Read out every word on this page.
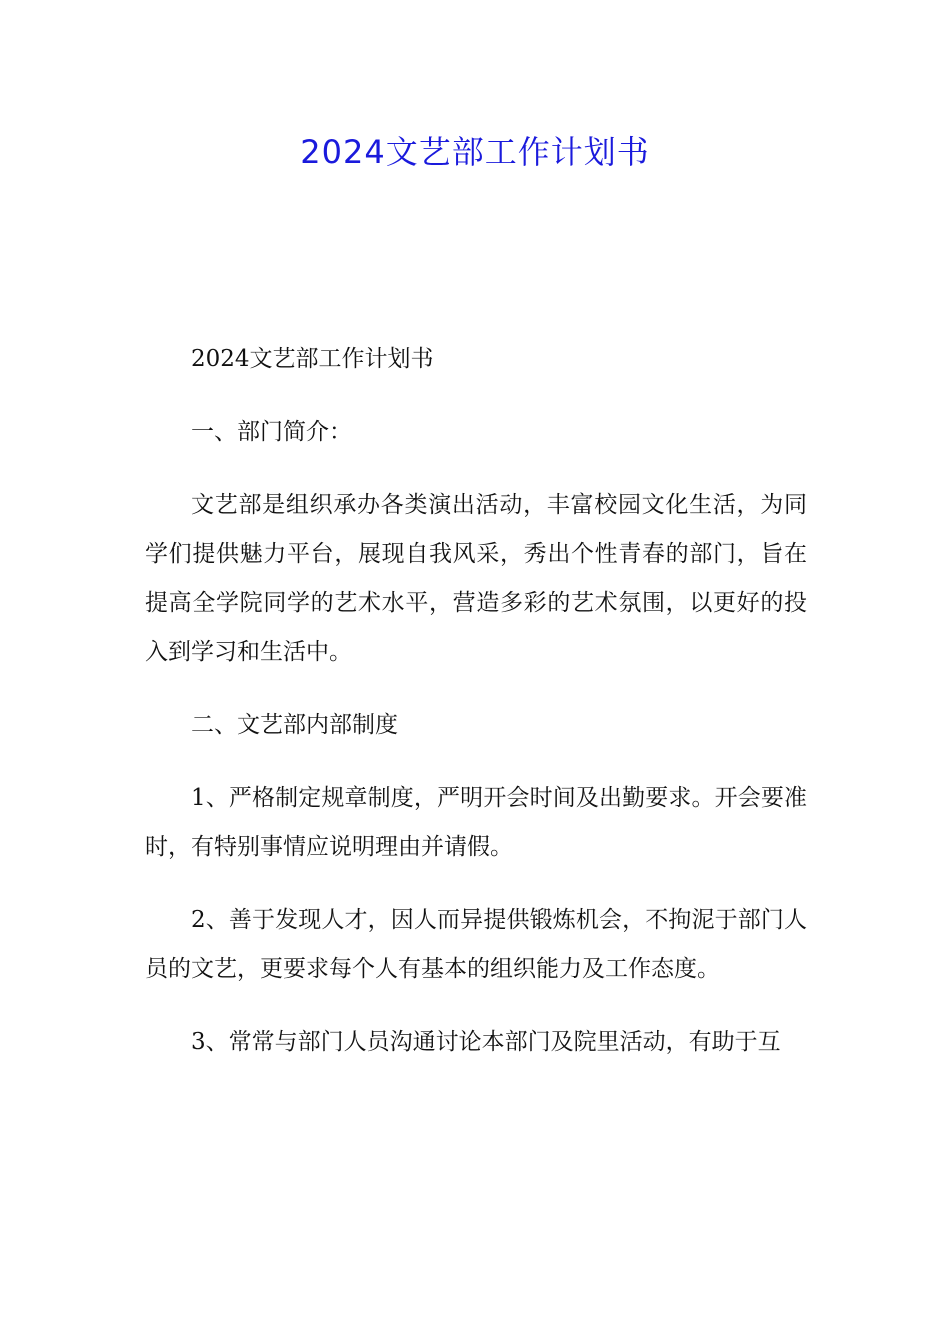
2024文艺部工作计划书

2024文艺部工作计划书

一、部门简介：

文艺部是组织承办各类演出活动，丰富校园文化生活，为同学们提供魅力平台，展现自我风采，秀出个性青春的部门，旨在提高全学院同学的艺术水平，营造多彩的艺术氛围，以更好的投入到学习和生活中。

二、文艺部内部制度

1、严格制定规章制度，严明开会时间及出勤要求。开会要准时，有特别事情应说明理由并请假。

2、善于发现人才，因人而异提供锻炼机会，不拘泥于部门人员的文艺，更要求每个人有基本的组织能力及工作态度。

3、常常与部门人员沟通讨论本部门及院里活动，有助于互
